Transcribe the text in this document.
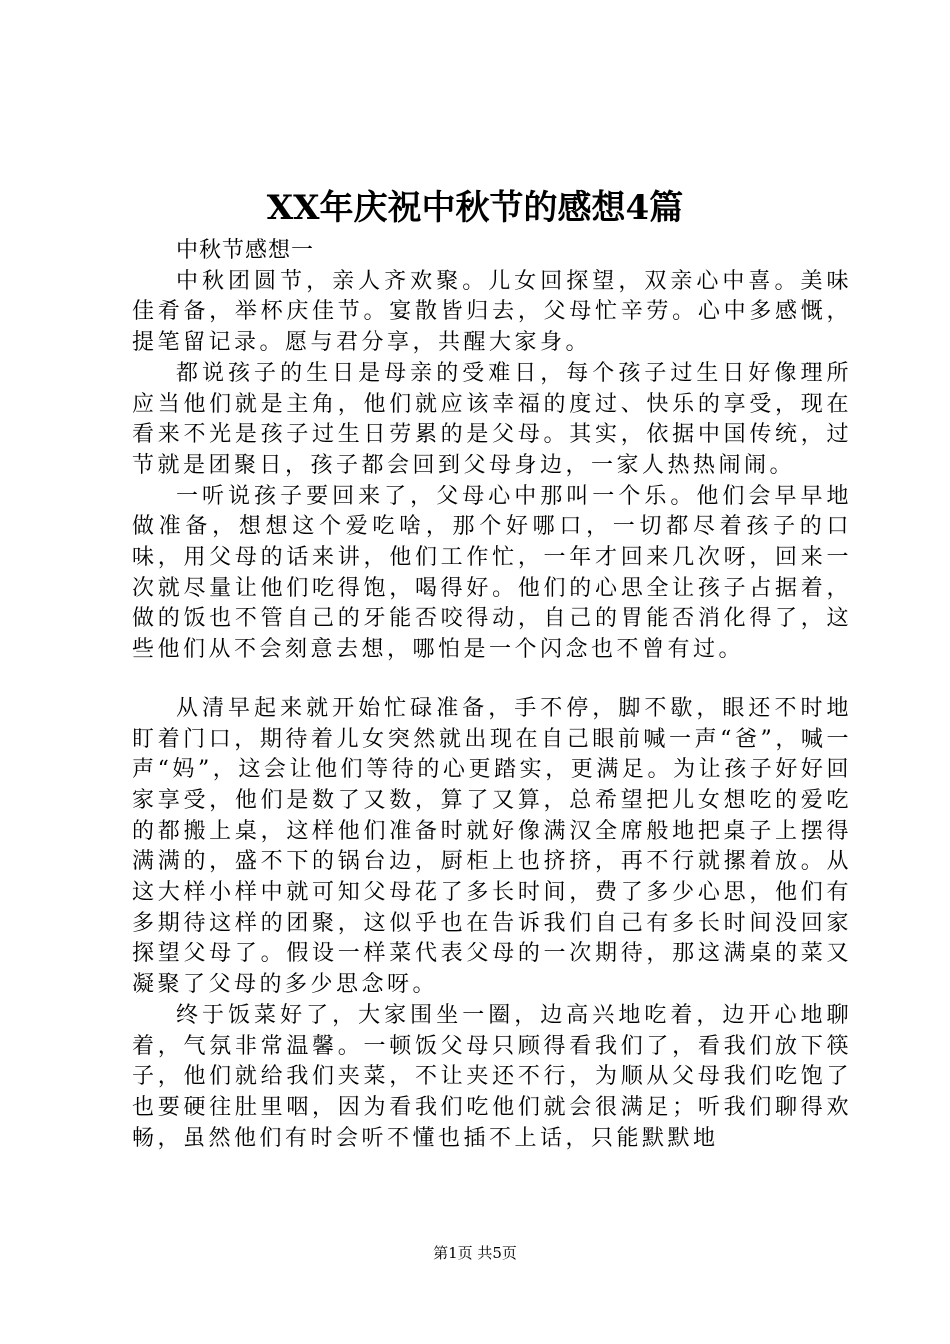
XX年庆祝中秋节的感想4篇

中秋节感想一

中秋团圆节，亲人齐欢聚。儿女回探望，双亲心中喜。美味佳肴备，举杯庆佳节。宴散皆归去，父母忙辛劳。心中多感慨，提笔留记录。愿与君分享，共醒大家身。

都说孩子的生日是母亲的受难日，每个孩子过生日好像理所应当他们就是主角，他们就应该幸福的度过、快乐的享受，现在看来不光是孩子过生日劳累的是父母。其实，依据中国传统，过节就是团聚日，孩子都会回到父母身边，一家人热热闹闹。

一听说孩子要回来了，父母心中那叫一个乐。他们会早早地做准备，想想这个爱吃啥，那个好哪口，一切都尽着孩子的口味，用父母的话来讲，他们工作忙，一年才回来几次呀，回来一次就尽量让他们吃得饱，喝得好。他们的心思全让孩子占据着，做的饭也不管自己的牙能否咬得动，自己的胃能否消化得了，这些他们从不会刻意去想，哪怕是一个闪念也不曾有过。

从清早起来就开始忙碌准备，手不停，脚不歇，眼还不时地盯着门口，期待着儿女突然就出现在自己眼前喊一声“爸”，喊一声“妈”，这会让他们等待的心更踏实，更满足。为让孩子好好回家享受，他们是数了又数，算了又算，总希望把儿女想吃的爱吃的都搬上桌，这样他们准备时就好像满汉全席般地把桌子上摆得满满的，盛不下的锅台边，厨柜上也挤挤，再不行就摞着放。从这大样小样中就可知父母花了多长时间，费了多少心思，他们有多期待这样的团聚，这似乎也在告诉我们自己有多长时间没回家探望父母了。假设一样菜代表父母的一次期待，那这满桌的菜又凝聚了父母的多少思念呀。

终于饭菜好了，大家围坐一圈，边高兴地吃着，边开心地聊着，气氛非常温馨。一顿饭父母只顾得看我们了，看我们放下筷子，他们就给我们夹菜，不让夹还不行，为顺从父母我们吃饱了也要硬往肚里咽，因为看我们吃他们就会很满足；听我们聊得欢畅，虽然他们有时会听不懂也插不上话，只能默默地

第1页 共5页
